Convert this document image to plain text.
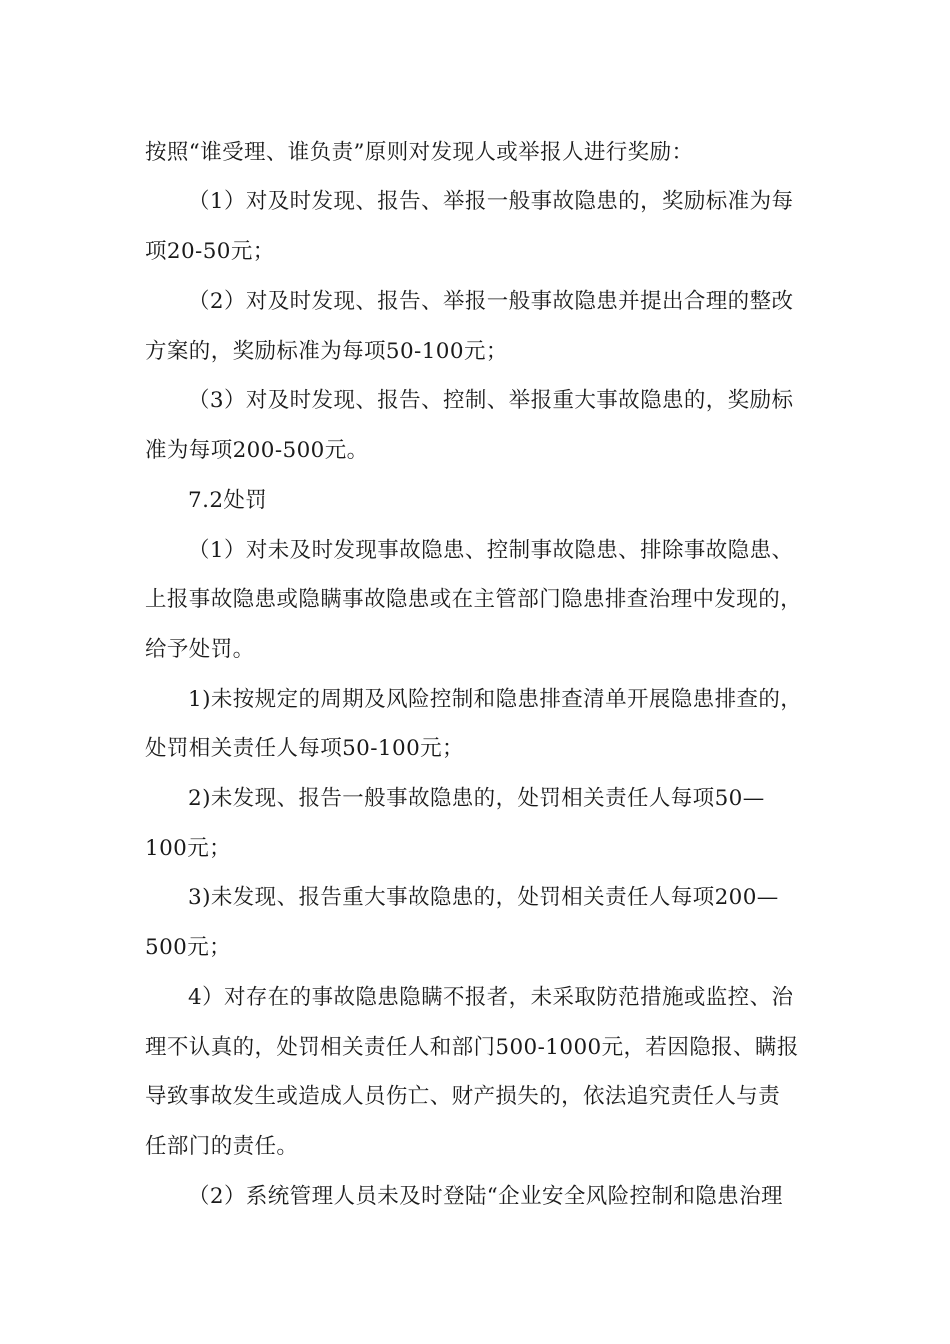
按照“谁受理、谁负责”原则对发现人或举报人进行奖励：
（1）对及时发现、报告、举报一般事故隐患的，奖励标准为每
项20-50元；
（2）对及时发现、报告、举报一般事故隐患并提出合理的整改
方案的，奖励标准为每项50-100元；
（3）对及时发现、报告、控制、举报重大事故隐患的，奖励标
准为每项200-500元。
7.2处罚
（1）对未及时发现事故隐患、控制事故隐患、排除事故隐患、
上报事故隐患或隐瞒事故隐患或在主管部门隐患排查治理中发现的，
给予处罚。
1)未按规定的周期及风险控制和隐患排查清单开展隐患排查的，
处罚相关责任人每项50-100元；
2)未发现、报告一般事故隐患的，处罚相关责任人每项50—
100元；
3)未发现、报告重大事故隐患的，处罚相关责任人每项200—
500元；
4）对存在的事故隐患隐瞒不报者，未采取防范措施或监控、治
理不认真的，处罚相关责任人和部门500-1000元，若因隐报、瞒报
导致事故发生或造成人员伤亡、财产损失的，依法追究责任人与责
任部门的责任。
（2）系统管理人员未及时登陆“企业安全风险控制和隐患治理
